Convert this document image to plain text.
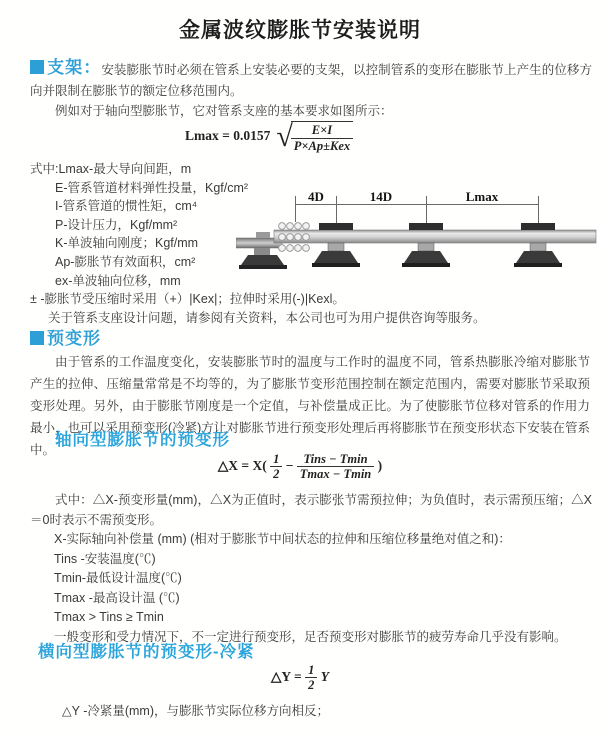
金属波纹膨胀节安装说明
支架：安装膨胀节时必须在管系上安装必要的支架，以控制管系的变形在膨胀节上产生的位移方向并限制在膨胀节的额定位移范围内。
例如对于轴向型膨胀节，它对管系支座的基本要求如图所示：
Lmax = 0.0157 √
$\frac{E\times I}{\text{P×Ap±Kex}}$
式中:Lmax-最大导向间距，m
E-管系管道材料弹性投量，Kgf/cm²
I-管系管道的惯性矩，cm⁴
P-设计压力，Kgf/mm²
K-单波轴向刚度；Kgf/mm
Ap-膨胀节有效面积，cm²
ex-单波轴向位移，mm
± -膨胀节受压缩时采用（+）|Kex|；拉伸时采用(-)|Kexl。
关于管系支座设计问题，请参阅有关资料，本公司也可为用户提供咨询等服务。
4D	14D	Lmax
预变形
由于管系的工作温度变化，安装膨胀节时的温度与工作时的温度不同，管系热膨胀冷缩对膨胀节产生的拉伸、压缩量常常是不均等的，为了膨胀节变形范围控制在额定范围内，需要对膨胀节采取预变形处理。另外，由于膨胀节刚度是一个定值，与补偿量成正比。为了使膨胀节位移对管系的作用力最小，也可以采用预变形(冷紧)方让对膨胀节进行预变形处理后再将膨胀节在预变形状态下安装在管系中。
轴向型膨胀节的预变形
△X = $X( \frac{1}{2} - \frac{\text{Tins − Tmin}}{Tmax - Tmin}$ )
式中：△X-预变形量(mm)，△X为正值时，表示膨张节需预拉伸；为负值时，表示需预压缩；△X＝0时表示不需预变形。
X-实际轴向补偿量 (mm) (相对于膨胀节中间状态的拉伸和压缩位移量绝对值之和)：
Tins -安装温度(℃)
Tmin-最低设计温度(℃)
Tmax -最高设计温 (℃)
Tmax > Tins ≥ Tmin
一般变形和受力情况下，不一定进行预变形，足否预变形对膨胀节的疲劳寿命几乎没有影响。
横向型膨胀节的预变形-冷紧
△Y = $\frac{1}{2}$ Y
△Y -冷紧量(mm)，与膨胀节实际位移方向相反；
